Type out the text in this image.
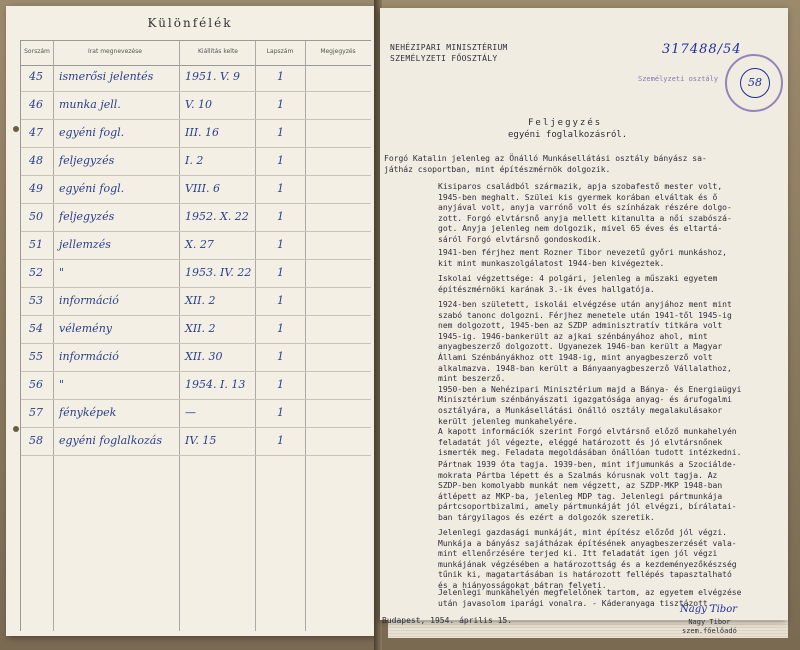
Különfélék
Sorszám	Irat megnevezése	Kiállítás kelte	Lapszám	Megjegyzés
45 ismerősi jelentés	1951. V. 9	1
46 munka jell.	V. 10	1
47 egyéni fogl.	III. 16	1
48 feljegyzés	I. 2	1
49 egyéni fogl.	VIII. 6	1
50 feljegyzés	1952. X. 22	1
51 jellemzés	X. 27	1
52 "	1953. IV. 22 1
53 információ	XII. 2	1
54 vélemény	XII. 2	1
55 információ	XII. 30	1
56 "	1954. I. 13	1
57 fényképek	—	1
58 egyéni foglalkozás IV. 15	1
NEHÉZIPARI MINISZTÉRIUM
SZEMÉLYZETI FŐOSZTÁLY
317488/54
Személyzeti osztály	58
Feljegyzés
egyéni foglalkozásról.
Forgó Katalin jelenleg az Önálló Munkásellátási osztály bányász sa-
játház csoportban, mint építészmérnök dolgozik.
Kisiparos családból származik, apja szobafestő mester volt,
1945-ben meghalt. Szülei kis gyermek korában elváltak és ő
anyjával volt, anyja varrónő volt és színházak részére dolgo-
zott. Forgó elvtársnő anyja mellett kitanulta a női szabószá-
got. Anyja jelenleg nem dolgozik, mivel 65 éves és eltartá-
sáról Forgó elvtársnő gondoskodik.
1941-ben férjhez ment Rozner Tibor nevezetű győri munkáshoz,
kit mint munkaszolgálatost 1944-ben kivégeztek.
Iskolai végzettsége: 4 polgári, jelenleg a műszaki egyetem
építészmérnöki karának 3.-ik éves hallgatója.
1924-ben született, iskolái elvégzése után anyjához ment mint
szabó tanonc dolgozni. Férjhez menetele után 1941-től 1945-ig
nem dolgozott, 1945-ben az SZDP adminisztratív titkára volt
1945-ig. 1946-bankerült az ajkai szénbányához ahol, mint
anyagbeszerző dolgozott. Ugyanezek 1946-ban került a Magyar
Állami Szénbányákhoz ott 1948-ig, mint anyagbeszerző volt
alkalmazva. 1948-ban került a Bányaanyagbeszerző Vállalathoz,
mint beszerző.
1950-ben a Nehézipari Minisztérium majd a Bánya- és Energiaügyi
Minisztérium szénbányászati igazgatósága anyag- és árufogalmi
osztályára, a Munkásellátási önálló osztály megalakulásakor
került jelenleg munkahelyére.
A kapott információk szerint Forgó elvtársnő előző munkahelyén
feladatát jól végezte, eléggé határozott és jó elvtársnőnek
ismerték meg. Feladata megoldásában önállóan tudott intézkedni.
Pártnak 1939 óta tagja. 1939-ben, mint ifjumunkás a Szociálde-
mokrata Pártba lépett és a Szalmás kórusnak volt tagja. Az
SZDP-ben komolyabb munkát nem végzett, az SZDP-MKP 1948-ban
átlépett az MKP-ba, jelenleg MDP tag. Jelenlegi pártmunkája
pártcsoportbizalmi, amely pártmunkáját jól elvégzi, bírálatai-
ban tárgyilagos és ezért a dolgozók szeretik.
Jelenlegi gazdasági munkáját, mint építész előződ jól végzi.
Munkája a bányász sajátházak építésének anyagbeszerzését vala-
mint ellenőrzésére terjed ki. Itt feladatát igen jól végzi
munkájának végzésében a határozottság és a kezdeményezőkészség
tűnik ki, magatartásában is határozott fellépés tapasztalható
és a hiányosságokat bátran felveti.
Jelenlegi munkahelyén megfelelőnek tartom, az egyetem elvégzése
után javasolom iparági vonalra. - Káderanyaga tisztázott.
Budapest, 1954. április 15.
Nagy Tibor
Nagy Tibor
szem.főelőadó
